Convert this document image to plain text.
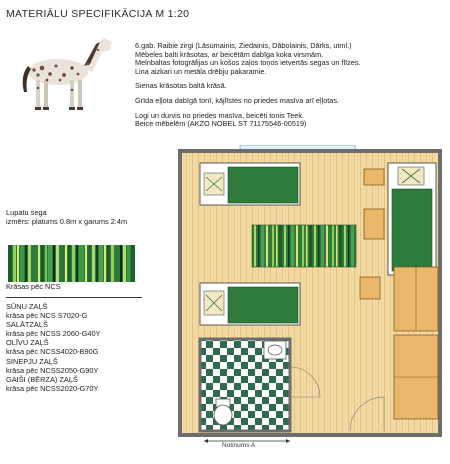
MATERIĀLU SPECIFIKĀCIJA M 1:20

6.gab. Raibie zirgi (Lāsumainis, Ziedainis, Dābolainis, Dārks, utml.)
Mēbeles balti krāsotas, ar beicētām dabīga koka virsmām.
Melnbaltas fotogrāfijas un košos zaļos toņos ietvertās segas un flīzes.
Lina aizkari un metāla drēbju pakaramie.

Sienas krāsotas baltā krāsā.

Grīda eļļota dabīgā tonī, kājlīstes no priedes masīva arī eļļotas.

Logi un durvis no priedes masīva, beicēti tonis Teek.
Beice mēbelēm (AKZO NOBEL ST 71175546-00519)

Lupatu sega
izmērs: platums 0.8m x garums 2.4m
Krāsas pēc NCS
SŪNU ZAĻŠ
krāsa pēc NCS S7020-G
SALĀTZAĻŠ
krāsa pēc NCSS 2060-G40Y
OLĪVU ZAĻŠ
krāsa pēc NCSS4020-B90G
SINEPJU ZAĻŠ
krāsa pēc NCSS2050-G90Y
GAIŠI (BĒRZA) ZAĻŠ
krāsa pēc NCSS2020-G70Y
Notinums A
